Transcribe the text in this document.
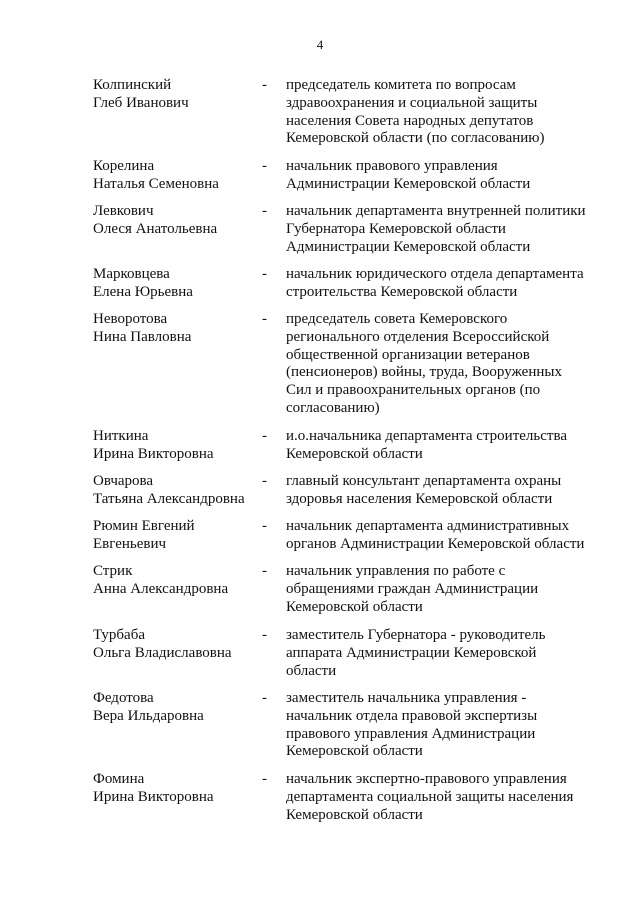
4
Колпинский
Глеб Иванович
- председатель комитета по вопросам
здравоохранения и социальной защиты
населения Совета народных депутатов
Кемеровской области (по согласованию)
Корелина
Наталья Семеновна
- начальник правового управления
Администрации Кемеровской области
Левкович
Олеся Анатольевна
- начальник департамента внутренней политики
Губернатора Кемеровской области
Администрации Кемеровской области
Марковцева
Елена Юрьевна
- начальник юридического отдела департамента
строительства Кемеровской области
Неворотова
Нина Павловна
- председатель совета Кемеровского
регионального отделения Всероссийской
общественной организации ветеранов
(пенсионеров) войны, труда, Вооруженных
Сил и правоохранительных органов (по
согласованию)
Ниткина
Ирина Викторовна
- и.о.начальника департамента строительства
Кемеровской области
Овчарова
Татьяна Александровна
- главный консультант департамента охраны
здоровья населения Кемеровской области
Рюмин Евгений
Евгеньевич
- начальник департамента административных
органов Администрации Кемеровской области
Стрик
Анна Александровна
- начальник управления по работе с
обращениями граждан Администрации
Кемеровской области
Турбаба
Ольга Владиславовна
- заместитель Губернатора - руководитель
аппарата Администрации Кемеровской
области
Федотова
Вера Ильдаровна
- заместитель начальника управления -
начальник отдела правовой экспертизы
правового управления Администрации
Кемеровской области
Фомина
Ирина Викторовна
- начальник экспертно-правового управления
департамента социальной защиты населения
Кемеровской области
